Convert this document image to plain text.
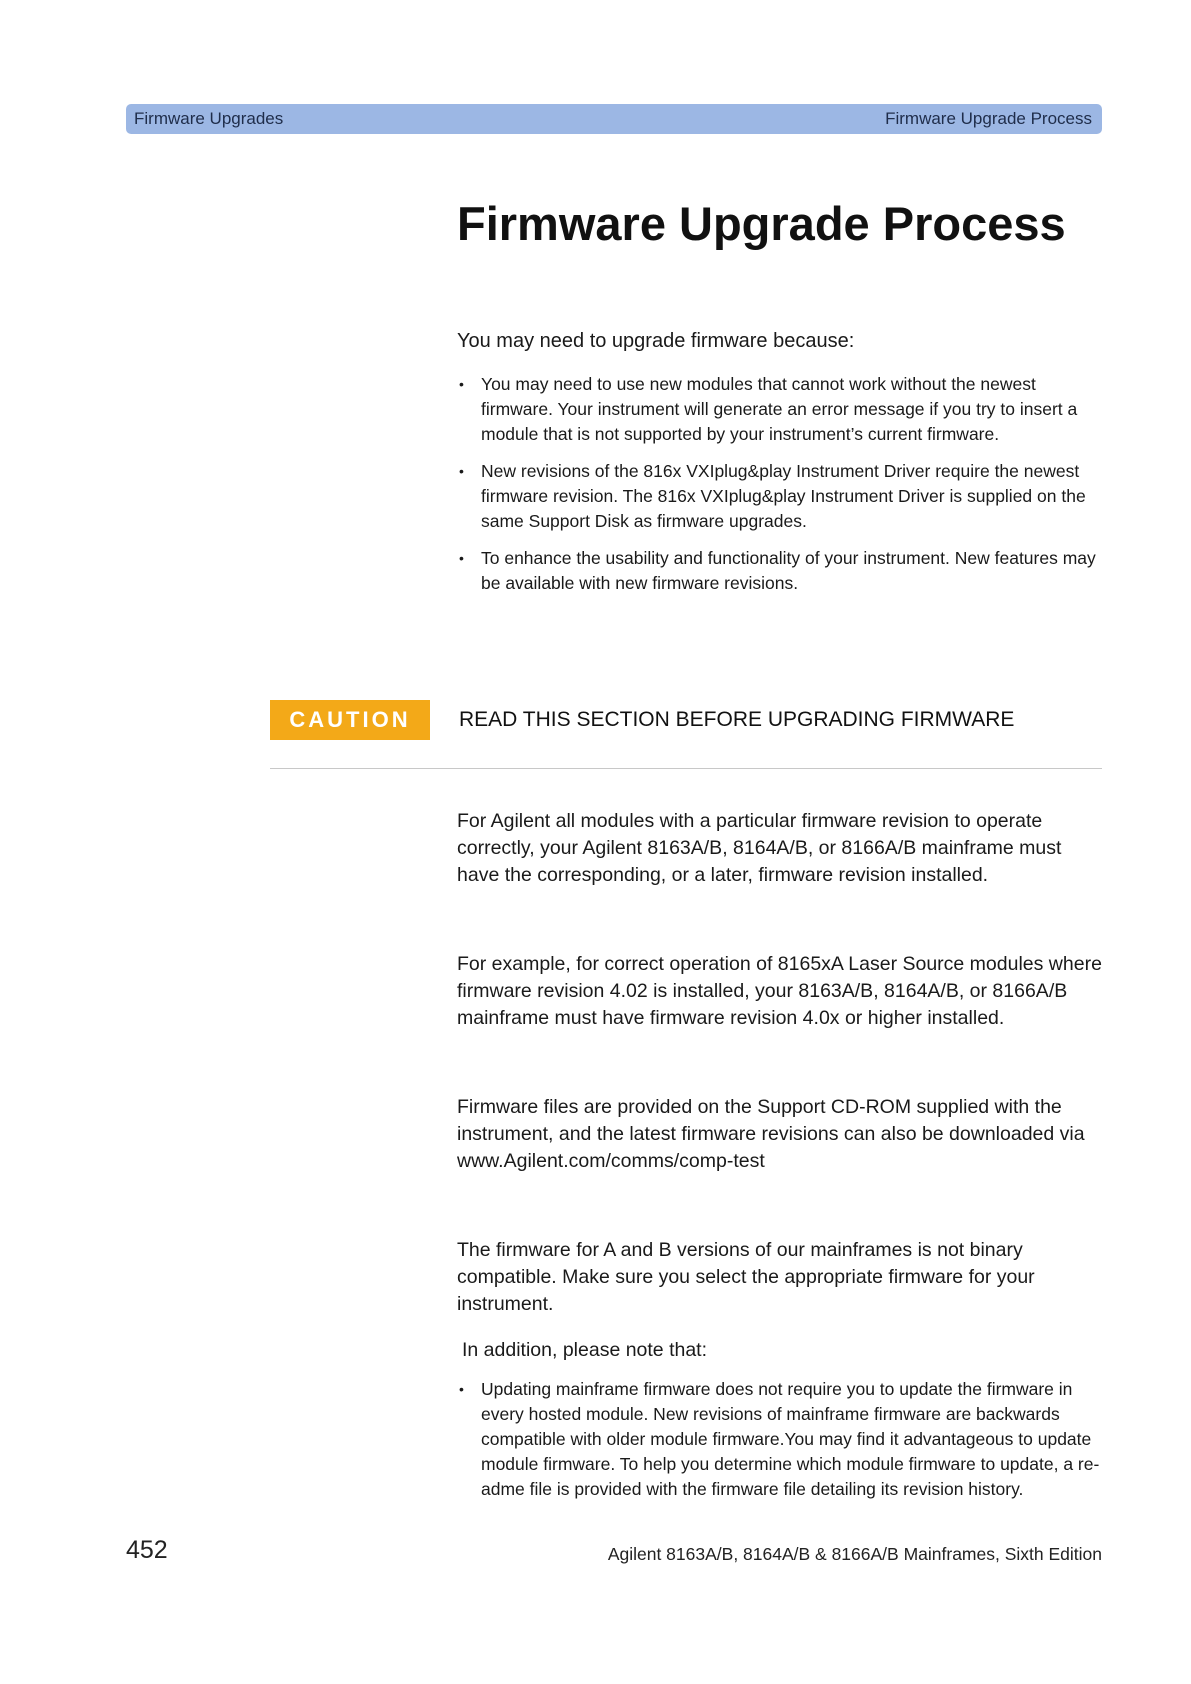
Firmware Upgrades	Firmware Upgrade Process
Firmware Upgrade Process

You may need to upgrade firmware because:

• You may need to use new modules that cannot work without the newest firmware. Your instrument will generate an error message if you try to insert a module that is not supported by your instrument’s current firmware.
• New revisions of the 816x VXIplug&play Instrument Driver require the newest firmware revision. The 816x VXIplug&play Instrument Driver is supplied on the same Support Disk as firmware upgrades.
• To enhance the usability and functionality of your instrument. New features may be available with new firmware revisions.
CAUTION	READ THIS SECTION BEFORE UPGRADING FIRMWARE

For Agilent all modules with a particular firmware revision to operate correctly, your Agilent 8163A/B, 8164A/B, or 8166A/B mainframe must have the corresponding, or a later, firmware revision installed.

For example, for correct operation of 8165xA Laser Source modules where firmware revision 4.02 is installed, your 8163A/B, 8164A/B, or 8166A/B mainframe must have firmware revision 4.0x or higher installed.

Firmware files are provided on the Support CD-ROM supplied with the instrument, and the latest firmware revisions can also be downloaded via www.Agilent.com/comms/comp-test

The firmware for A and B versions of our mainframes is not binary compatible. Make sure you select the appropriate firmware for your instrument.

In addition, please note that:

• Updating mainframe firmware does not require you to update the firmware in every hosted module. New revisions of mainframe firmware are backwards compatible with older module firmware.You may find it advantageous to update module firmware. To help you determine which module firmware to update, a re-adme file is provided with the firmware file detailing its revision history.
452	Agilent 8163A/B, 8164A/B & 8166A/B Mainframes, Sixth Edition
